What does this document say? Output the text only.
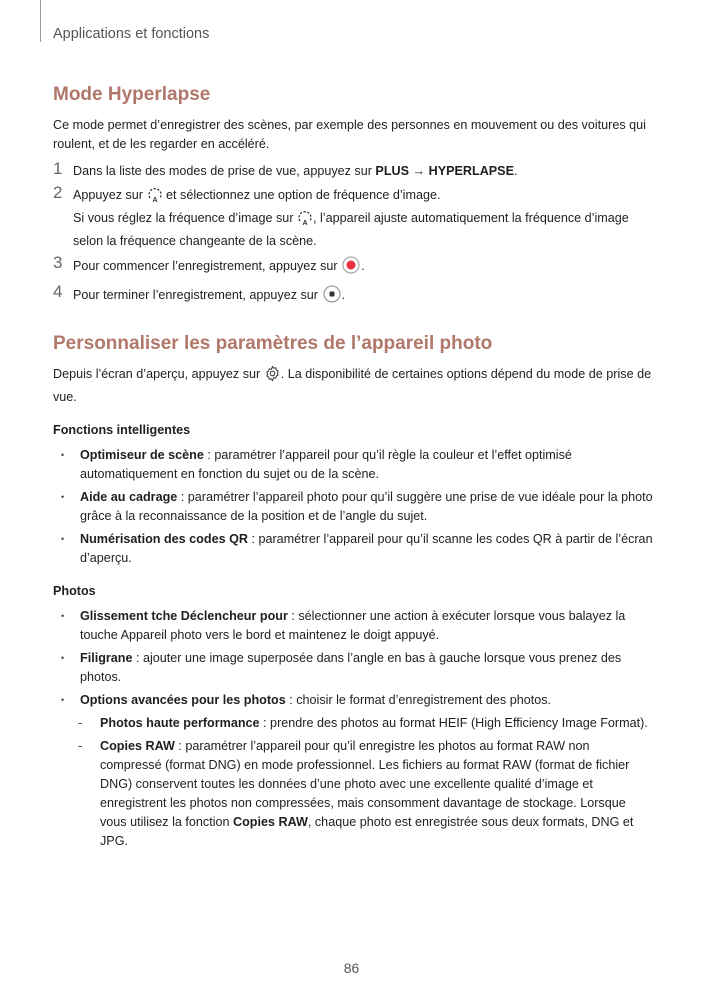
Applications et fonctions
Mode Hyperlapse

Ce mode permet d’enregistrer des scènes, par exemple des personnes en mouvement ou des voitures qui roulent, et de les regarder en accéléré.

1 Dans la liste des modes de prise de vue, appuyez sur PLUS → HYPERLAPSE.
2 Appuyez sur A et sélectionnez une option de fréquence d’image.
Si vous réglez la fréquence d’image sur A , l’appareil ajuste automatiquement la fréquence d’image selon la fréquence changeante de la scène.
3 Pour commencer l’enregistrement, appuyez sur .
4 Pour terminer l’enregistrement, appuyez sur .
Personnaliser les paramètres de l’appareil photo

Depuis l’écran d’aperçu, appuyez sur . La disponibilité de certaines options dépend du mode de prise de vue.

Fonctions intelligentes
• Optimiseur de scène : paramétrer l’appareil pour qu’il règle la couleur et l’effet optimisé automatiquement en fonction du sujet ou de la scène.
• Aide au cadrage : paramétrer l’appareil photo pour qu’il suggère une prise de vue idéale pour la photo grâce à la reconnaissance de la position et de l’angle du sujet.
• Numérisation des codes QR : paramétrer l’appareil pour qu’il scanne les codes QR à partir de l’écran d’aperçu.
Photos
• Glissement tche Déclencheur pour : sélectionner une action à exécuter lorsque vous balayez la touche Appareil photo vers le bord et maintenez le doigt appuyé.
• Filigrane : ajouter une image superposée dans l’angle en bas à gauche lorsque vous prenez des photos.
• Options avancées pour les photos : choisir le format d’enregistrement des photos.
- Photos haute performance : prendre des photos au format HEIF (High Efficiency Image Format).
- Copies RAW : paramétrer l’appareil pour qu’il enregistre les photos au format RAW non compressé (format DNG) en mode professionnel. Les fichiers au format RAW (format de fichier DNG) conservent toutes les données d’une photo avec une excellente qualité d’image et enregistrent les photos non compressées, mais consomment davantage de stockage. Lorsque vous utilisez la fonction Copies RAW, chaque photo est enregistrée sous deux formats, DNG et JPG.
86
